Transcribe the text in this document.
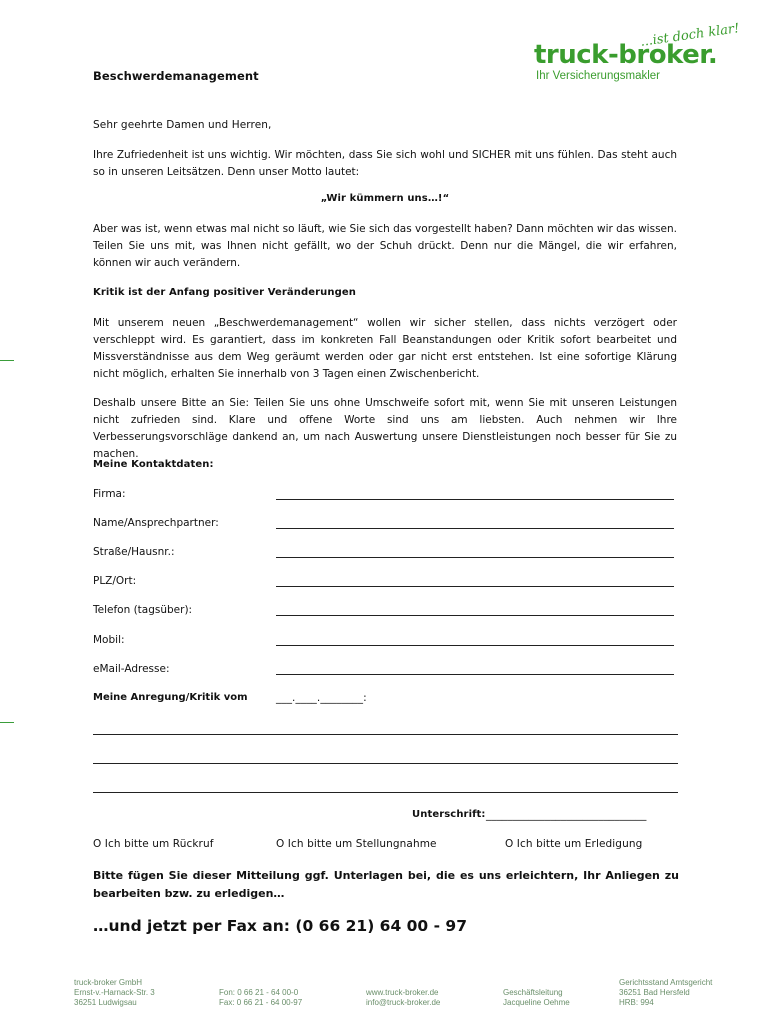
...ist doch klar!
truck-broker.
Ihr Versicherungsmakler
Beschwerdemanagement
Sehr geehrte Damen und Herren,
Ihre Zufriedenheit ist uns wichtig. Wir möchten, dass Sie sich wohl und SICHER mit uns fühlen. Das steht auch so in unseren Leitsätzen. Denn unser Motto lautet:
„Wir kümmern uns…!“
Aber was ist, wenn etwas mal nicht so läuft, wie Sie sich das vorgestellt haben? Dann möchten wir das wissen. Teilen Sie uns mit, was Ihnen nicht gefällt, wo der Schuh drückt. Denn nur die Mängel, die wir erfahren, können wir auch verändern.
Kritik ist der Anfang positiver Veränderungen
Mit unserem neuen „Beschwerdemanagement“ wollen wir sicher stellen, dass nichts verzögert oder verschleppt wird. Es garantiert, dass im konkreten Fall Beanstandungen oder Kritik sofort bearbeitet und Missverständnisse aus dem Weg geräumt werden oder gar nicht erst entstehen. Ist eine sofortige Klärung nicht möglich, erhalten Sie innerhalb von 3 Tagen einen Zwischenbericht.
Deshalb unsere Bitte an Sie: Teilen Sie uns ohne Umschweife sofort mit, wenn Sie mit unseren Leistungen nicht zufrieden sind. Klare und offene Worte sind uns am liebsten. Auch nehmen wir Ihre Verbesserungsvorschläge dankend an, um nach Auswertung unsere Dienstleistungen noch besser für Sie zu machen.
Meine Kontaktdaten:
Firma:
Name/Ansprechpartner:
Straße/Hausnr.:
PLZ/Ort:
Telefon (tagsüber):
Mobil:
eMail-Adresse:
Meine Anregung/Kritik vom	___.____.________:
Unterschrift: ______________________________
O Ich bitte um Rückruf	O Ich bitte um Stellungnahme	O Ich bitte um Erledigung
Bitte fügen Sie dieser Mitteilung ggf. Unterlagen bei, die es uns erleichtern, Ihr Anliegen zu bearbeiten bzw. zu erledigen…
…und jetzt per Fax an: (0 66 21) 64 00 - 97
truck-broker GmbH
Ernst-v.-Harnack-Str. 3
36251 Ludwigsau
Fon: 0 66 21 - 64 00-0
Fax: 0 66 21 - 64 00-97
www.truck-broker.de
info@truck-broker.de
Geschäftsleitung
Jacqueline Oehme
Gerichtsstand Amtsgericht
36251 Bad Hersfeld
HRB: 994
